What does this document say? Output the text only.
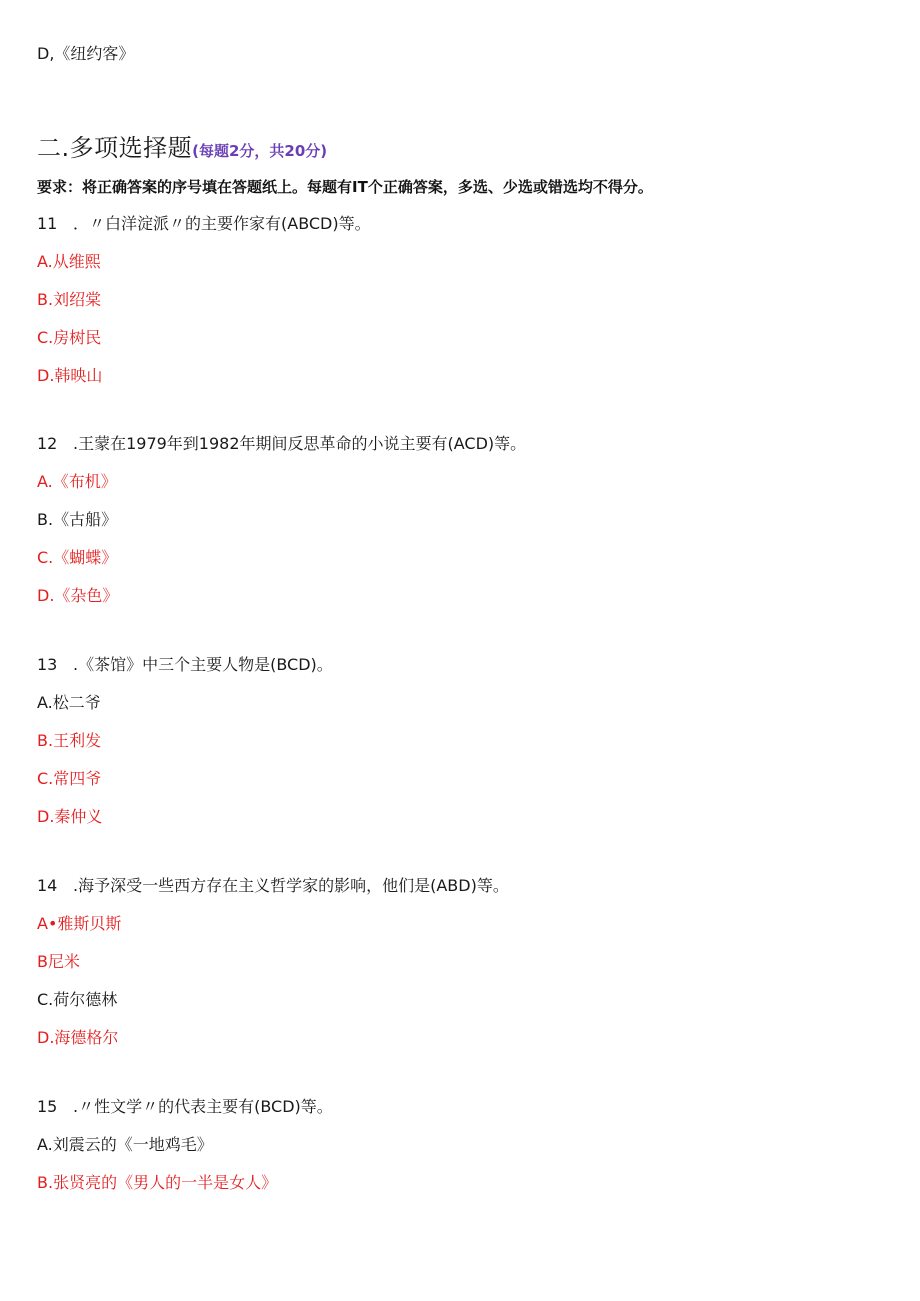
D,《纽约客》
二.多项选择题(每题2分，共20分)
要求：将正确答案的序号填在答题纸上。每题有IT个正确答案，多选、少选或错选均不得分。
11 ．〃白洋淀派〃的主要作家有(ABCD)等。
A.从维熙
B.刘绍棠
C.房树民
D.韩映山
12 .王蒙在1979年到1982年期间反思革命的小说主要有(ACD)等。
A.《布机》
B.《古船》
C.《蝴蝶》
D.《杂色》
13 .《茶馆》中三个主要人物是(BCD)。
A.松二爷
B.王利发
C.常四爷
D.秦仲义
14 .海予深受一些西方存在主义哲学家的影响，他们是(ABD)等。
A•雅斯贝斯
B尼米
C.荷尔德林
D.海德格尔
15 .〃性文学〃的代表主要有(BCD)等。
A.刘震云的《一地鸡毛》
B.张贤亮的《男人的一半是女人》
